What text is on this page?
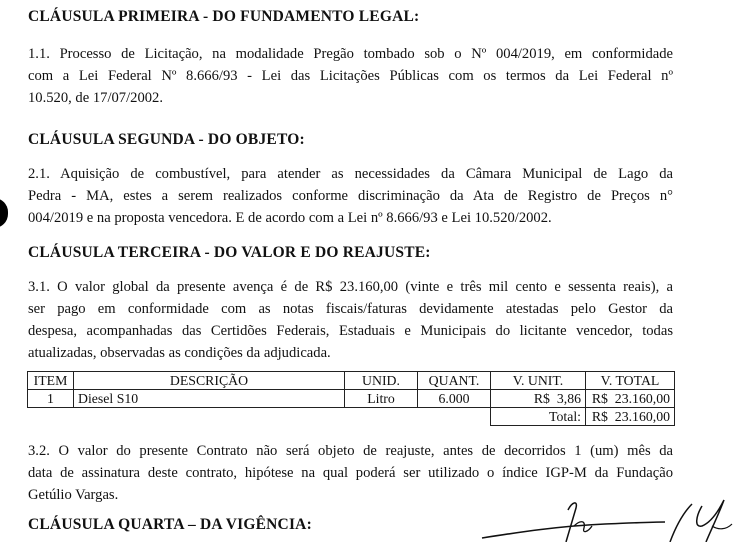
CLÁUSULA PRIMEIRA - DO FUNDAMENTO LEGAL:
1.1. Processo de Licitação, na modalidade Pregão tombado sob o Nº 004/2019, em conformidade
com a Lei Federal Nº 8.666/93 - Lei das Licitações Públicas com os termos da Lei Federal nº
10.520, de 17/07/2002.
CLÁUSULA SEGUNDA - DO OBJETO:
2.1. Aquisição de combustível, para atender as necessidades da Câmara Municipal de Lago da
Pedra - MA, estes a serem realizados conforme discriminação da Ata de Registro de Preços n°
004/2019 e na proposta vencedora. E de acordo com a Lei nº 8.666/93 e Lei 10.520/2002.
CLÁUSULA TERCEIRA - DO VALOR E DO REAJUSTE:
3.1. O valor global da presente avença é de R$ 23.160,00 (vinte e três mil cento e sessenta reais), a
ser pago em conformidade com as notas fiscais/faturas devidamente atestadas pelo Gestor da
despesa, acompanhadas das Certidões Federais, Estaduais e Municipais do licitante vencedor, todas
atualizadas, observadas as condições da adjudicada.
ITEM	DESCRIÇÃO	UNID.	QUANT.	V. UNIT.	V. TOTAL
1	Diesel S10	Litro	6.000	R$  3,86	R$  23.160,00
				Total:	R$  23.160,00
3.2. O valor do presente Contrato não será objeto de reajuste, antes de decorridos 1 (um) mês da
data de assinatura deste contrato, hipótese na qual poderá ser utilizado o índice IGP-M da Fundação
Getúlio Vargas.
CLÁUSULA QUARTA – DA VIGÊNCIA:
